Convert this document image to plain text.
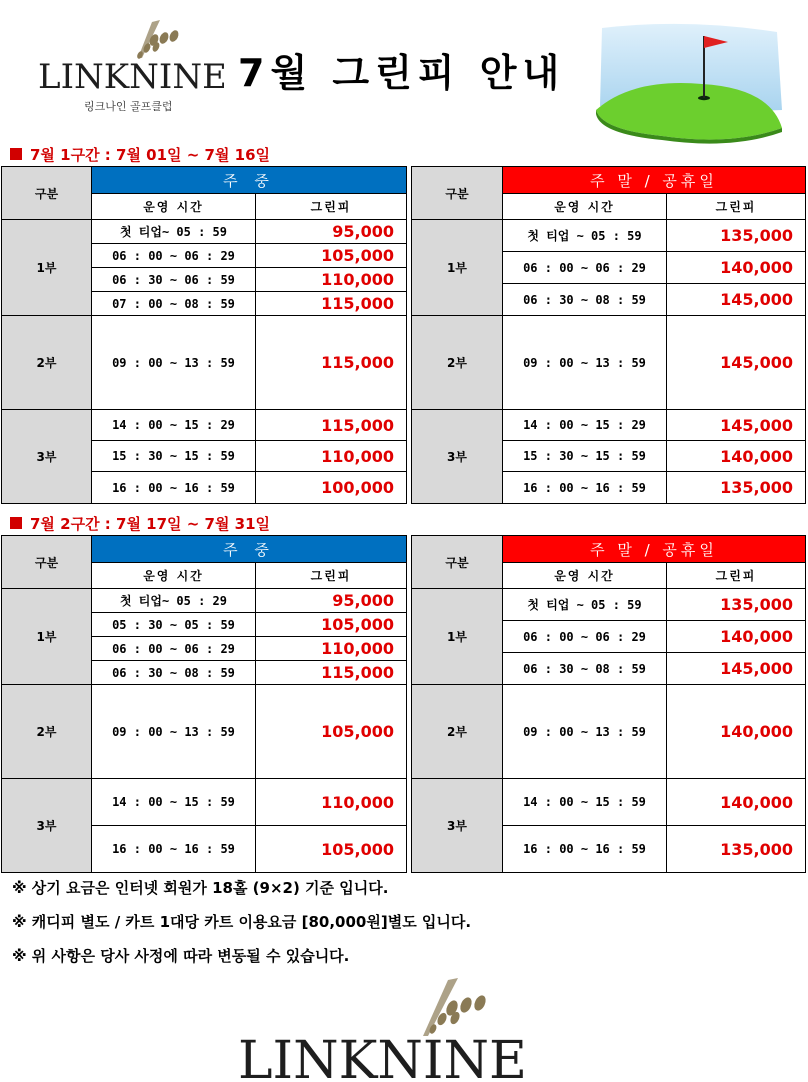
LINKNINE
링크나인 골프클럽
7월 그린피 안내
7월 1구간 : 7월 01일 ~ 7월 16일
구분	주 중	
	운영 시간	그린피
1부	첫 티업~ 05 : 59	95,000
	06 : 00 ~ 06 : 29	105,000
	06 : 30 ~ 06 : 59	110,000
	07 : 00 ~ 08 : 59	115,000
2부	09 : 00 ~ 13 : 59	115,000
3부	14 : 00 ~ 15 : 29	115,000
	15 : 30 ~ 15 : 59	110,000
	16 : 00 ~ 16 : 59	100,000
구분	주 말 / 공휴일	
	운영 시간	그린피
1부	첫 티업 ~ 05 : 59	135,000
	06 : 00 ~ 06 : 29	140,000
	06 : 30 ~ 08 : 59	145,000
2부	09 : 00 ~ 13 : 59	145,000
3부	14 : 00 ~ 15 : 29	145,000
	15 : 30 ~ 15 : 59	140,000
	16 : 00 ~ 16 : 59	135,000
7월 2구간 : 7월 17일 ~ 7월 31일
구분	주 중	
	운영 시간	그린피
1부	첫 티업~ 05 : 29	95,000
	05 : 30 ~ 05 : 59	105,000
	06 : 00 ~ 06 : 29	110,000
	06 : 30 ~ 08 : 59	115,000
2부	09 : 00 ~ 13 : 59	105,000
3부	14 : 00 ~ 15 : 59	110,000
	16 : 00 ~ 16 : 59	105,000
구분	주 말 / 공휴일	
	운영 시간	그린피
1부	첫 티업 ~ 05 : 59	135,000
	06 : 00 ~ 06 : 29	140,000
	06 : 30 ~ 08 : 59	145,000
2부	09 : 00 ~ 13 : 59	140,000
3부	14 : 00 ~ 15 : 59	140,000
	16 : 00 ~ 16 : 59	135,000
※ 상기 요금은 인터넷 회원가 18홀 (9×2) 기준 입니다.
※ 캐디피 별도 / 카트 1대당 카트 이용요금 [80,000원]별도 입니다.
※ 위 사항은 당사 사정에 따라 변동될 수 있습니다.
LINKNINE
